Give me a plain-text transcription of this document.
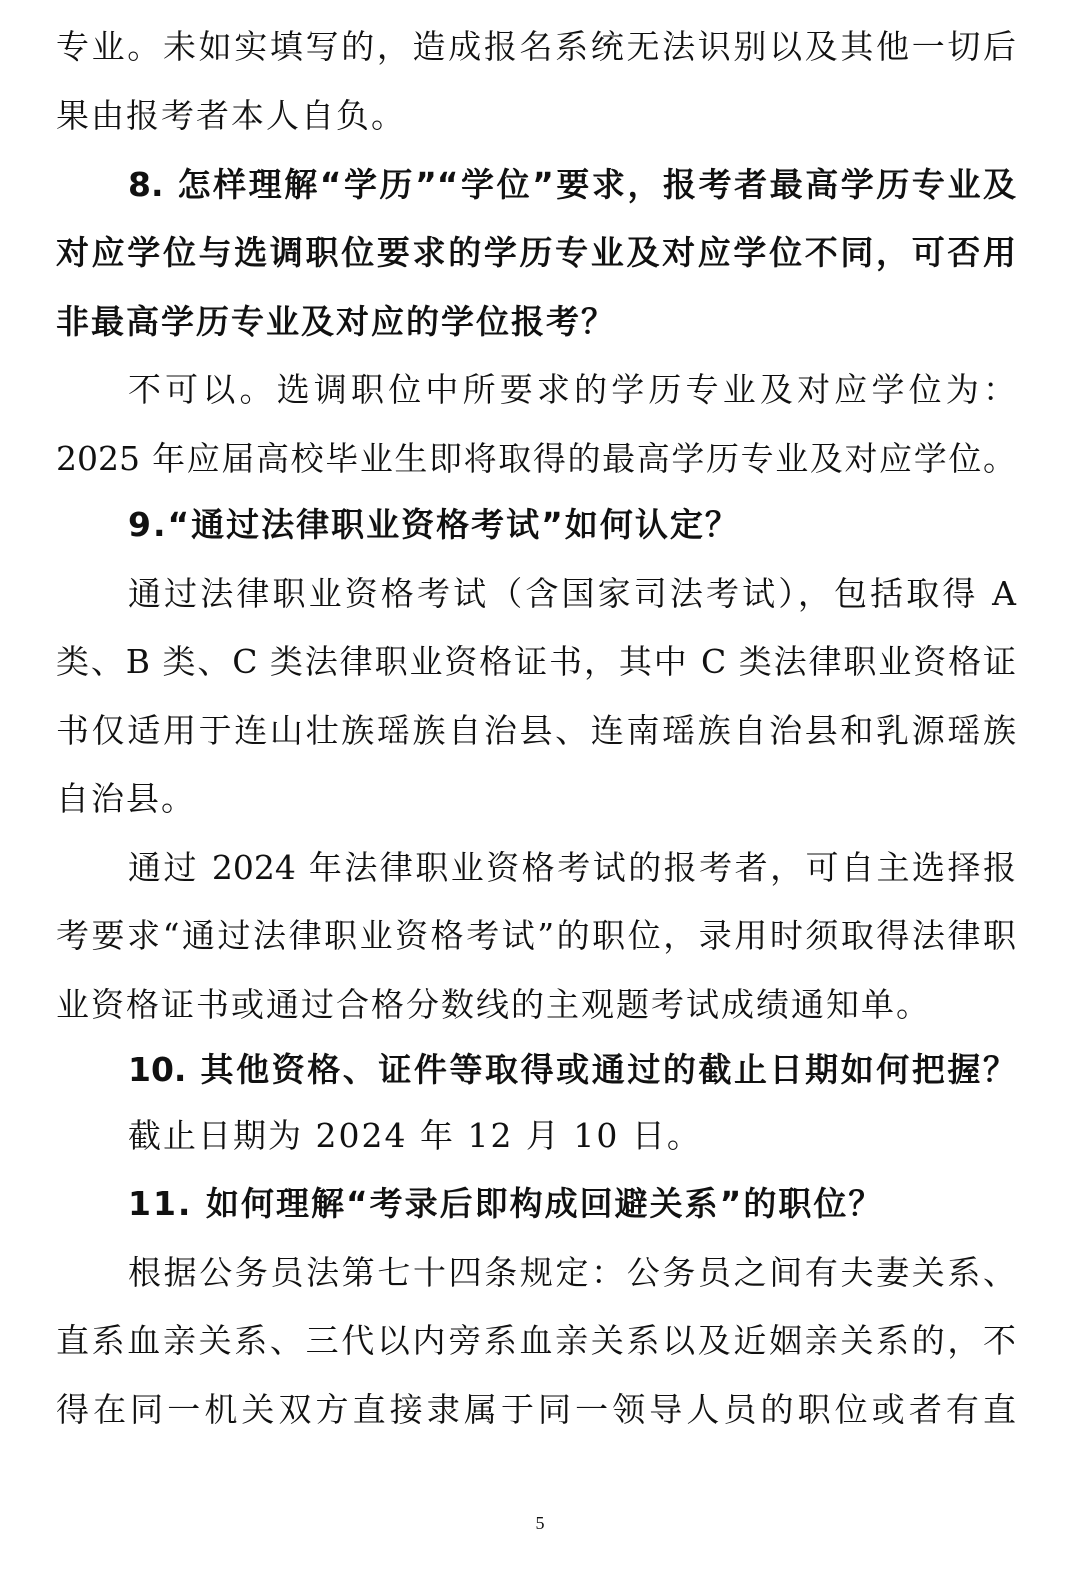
专业。未如实填写的，造成报名系统无法识别以及其他一切后
果由报考者本人自负。
8. 怎样理解“学历”“学位”要求，报考者最高学历专业及
对应学位与选调职位要求的学历专业及对应学位不同，可否用
非最高学历专业及对应的学位报考？
不可以。选调职位中所要求的学历专业及对应学位为：
2025 年应届高校毕业生即将取得的最高学历专业及对应学位。
9.“通过法律职业资格考试”如何认定？
通过法律职业资格考试（含国家司法考试），包括取得 A
类、B 类、C 类法律职业资格证书，其中 C 类法律职业资格证
书仅适用于连山壮族瑶族自治县、连南瑶族自治县和乳源瑶族
自治县。
通过 2024 年法律职业资格考试的报考者，可自主选择报
考要求“通过法律职业资格考试”的职位，录用时须取得法律职
业资格证书或通过合格分数线的主观题考试成绩通知单。
10. 其他资格、证件等取得或通过的截止日期如何把握？
截止日期为 2024 年 12 月 10 日。
11. 如何理解“考录后即构成回避关系”的职位？
根据公务员法第七十四条规定：公务员之间有夫妻关系、
直系血亲关系、三代以内旁系血亲关系以及近姻亲关系的，不
得在同一机关双方直接隶属于同一领导人员的职位或者有直
5
